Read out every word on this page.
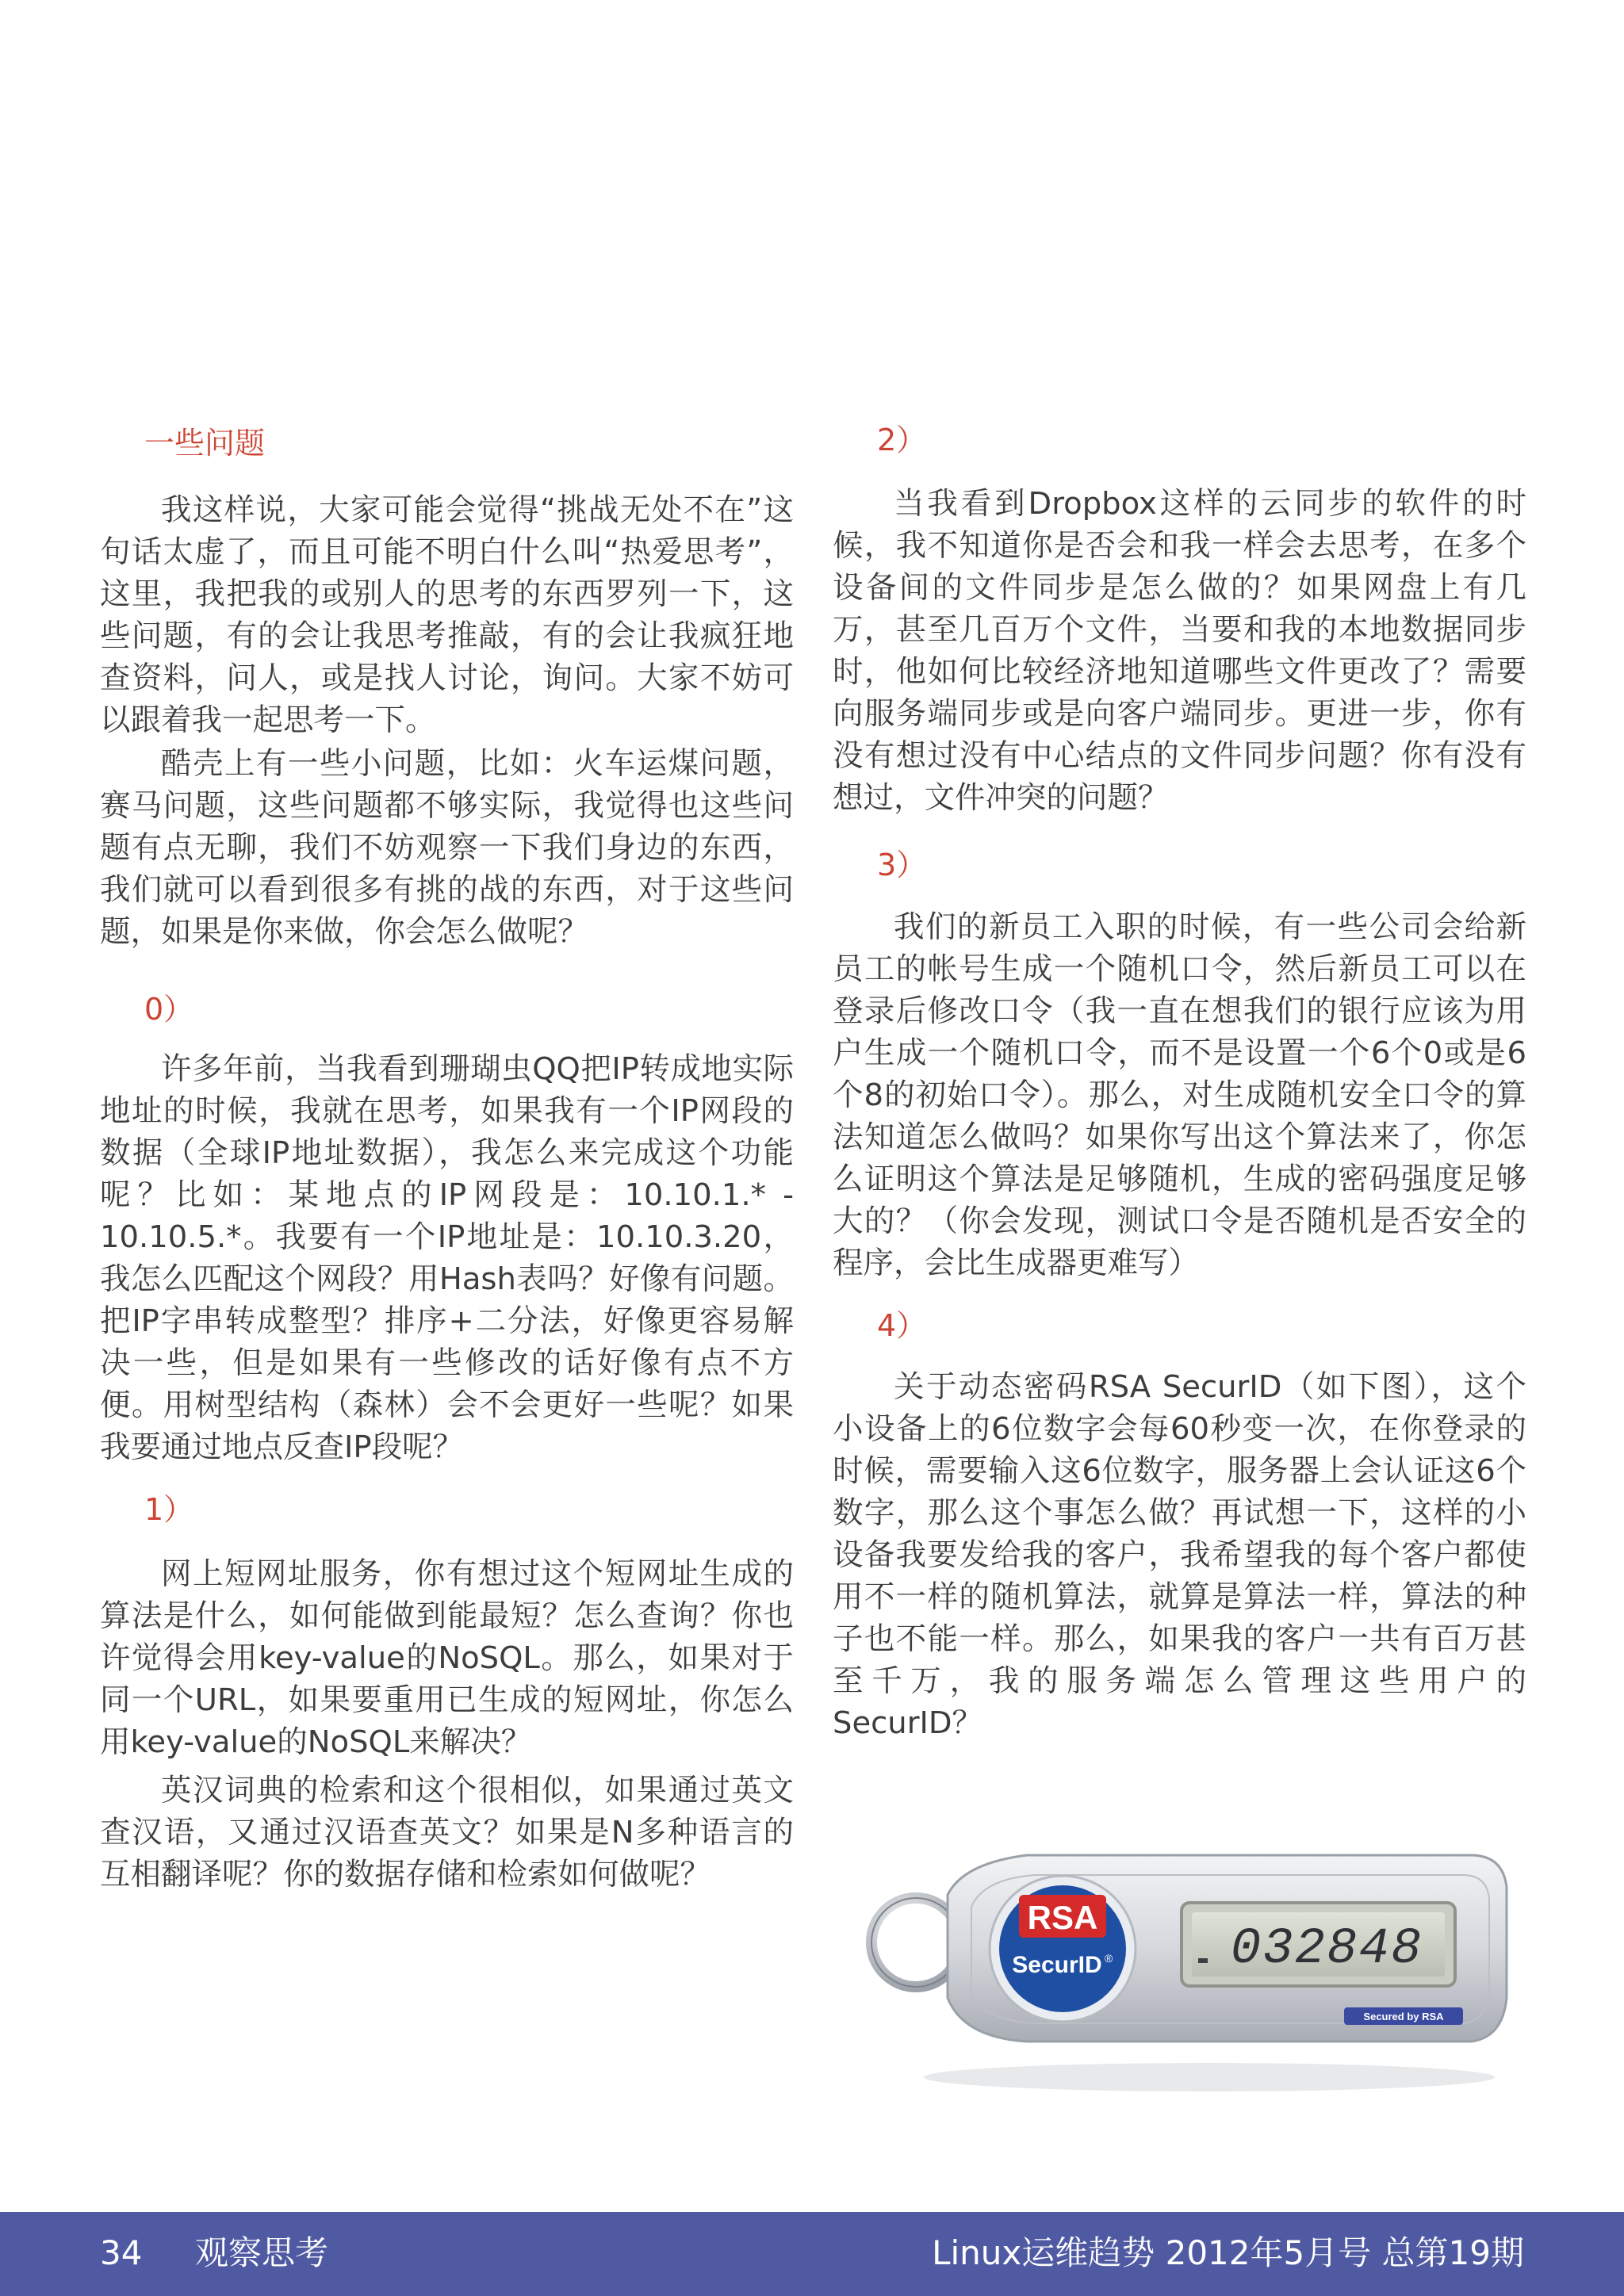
一些问题

我这样说，大家可能会觉得“挑战无处不在”这句话太虚了，而且可能不明白什么叫“热爱思考”，这里，我把我的或别人的思考的东西罗列一下，这些问题，有的会让我思考推敲，有的会让我疯狂地查资料，问人，或是找人讨论，询问。大家不妨可以跟着我一起思考一下。

酷壳上有一些小问题，比如：火车运煤问题，赛马问题，这些问题都不够实际，我觉得也这些问题有点无聊，我们不妨观察一下我们身边的东西，我们就可以看到很多有挑的战的东西，对于这些问题，如果是你来做，你会怎么做呢？

0）

许多年前，当我看到珊瑚虫QQ把IP转成地实际地址的时候，我就在思考，如果我有一个IP网段的数据（全球IP地址数据），我怎么来完成这个功能呢？比如：某地点的IP网段是：10.10.1.* - 10.10.5.*。我要有一个IP地址是：10.10.3.20，我怎么匹配这个网段？用Hash表吗？好像有问题。把IP字串转成整型？排序+二分法，好像更容易解决一些，但是如果有一些修改的话好像有点不方便。用树型结构（森林）会不会更好一些呢？如果我要通过地点反查IP段呢？

1）

网上短网址服务，你有想过这个短网址生成的算法是什么，如何能做到能最短？怎么查询？你也许觉得会用key-value的NoSQL。那么，如果对于同一个URL，如果要重用已生成的短网址，你怎么用key-value的NoSQL来解决？

英汉词典的检索和这个很相似，如果通过英文查汉语，又通过汉语查英文？如果是N多种语言的互相翻译呢？你的数据存储和检索如何做呢？

2）

当我看到Dropbox这样的云同步的软件的时候，我不知道你是否会和我一样会去思考，在多个设备间的文件同步是怎么做的？如果网盘上有几万，甚至几百万个文件，当要和我的本地数据同步时，他如何比较经济地知道哪些文件更改了？需要向服务端同步或是向客户端同步。更进一步，你有没有想过没有中心结点的文件同步问题？你有没有想过，文件冲突的问题？

3）

我们的新员工入职的时候，有一些公司会给新员工的帐号生成一个随机口令，然后新员工可以在登录后修改口令（我一直在想我们的银行应该为用户生成一个随机口令，而不是设置一个6个0或是6个8的初始口令）。那么，对生成随机安全口令的算法知道怎么做吗？如果你写出这个算法来了，你怎么证明这个算法是足够随机，生成的密码强度足够大的？（你会发现，测试口令是否随机是否安全的程序，会比生成器更难写）

4）

关于动态密码RSA SecurID（如下图），这个小设备上的6位数字会每60秒变一次，在你登录的时候，需要输入这6位数字，服务器上会认证这6个数字，那么这个事怎么做？再试想一下，这样的小设备我要发给我的客户，我希望我的每个客户都使用不一样的随机算法，就算是算法一样，算法的种子也不能一样。那么，如果我的客户一共有百万甚至千万，我的服务端怎么管理这些用户的SecurID？

RSA
SecurID ® 032848
Secured by RSA
34 观察思考	Linux运维趋势 2012年5月号 总第19期
